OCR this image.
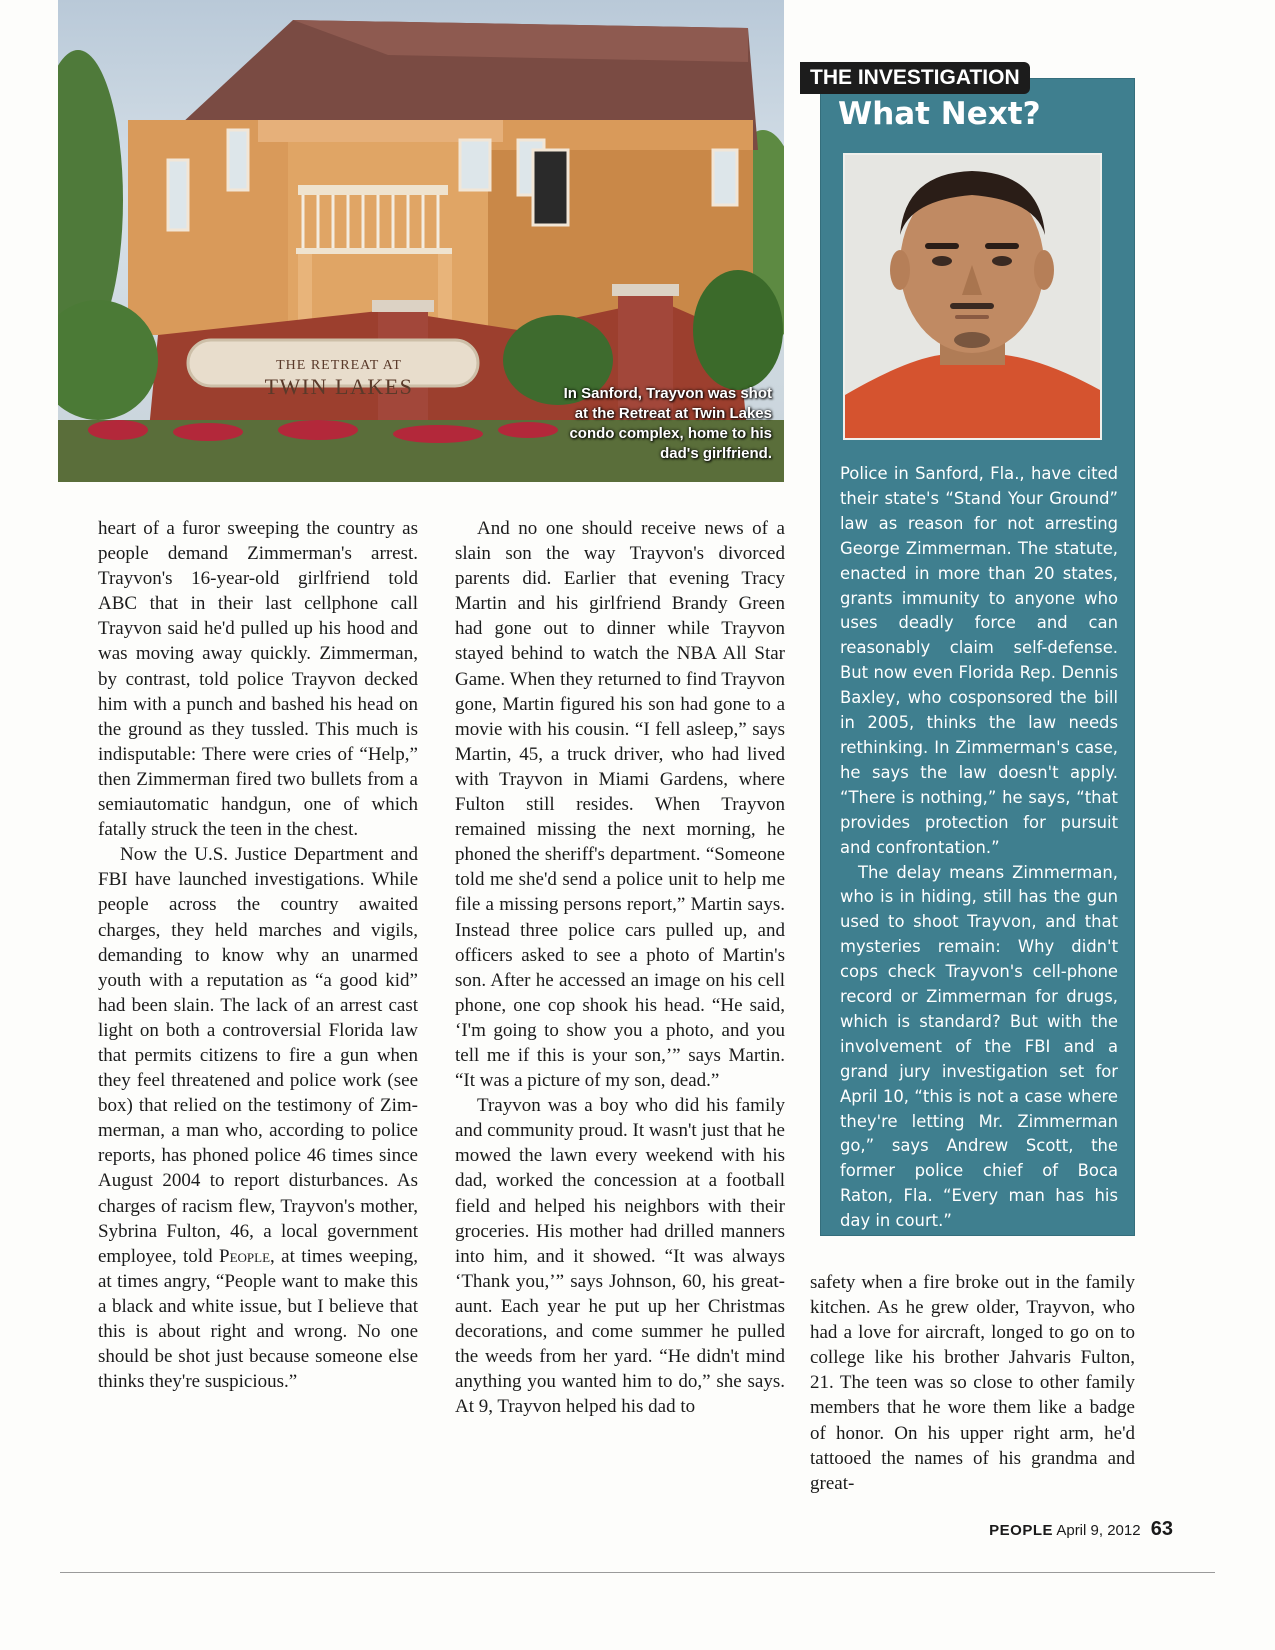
THE RETREAT AT
TWIN LAKES	In Sanford, Trayvon was shot at the Retreat at Twin Lakes condo complex, home to his dad's girlfriend.

heart of a furor sweeping the country as people demand Zimmerman's arrest. Trayvon's 16-year-old girlfriend told ABC that in their last cellphone call Trayvon said he'd pulled up his hood and was moving away quickly. Zimmerman, by contrast, told police Trayvon decked him with a punch and bashed his head on the ground as they tussled. This much is indisputable: There were cries of “Help,” then Zimmerman fired two bullets from a semiautomatic handgun, one of which fatally struck the teen in the chest.

Now the U.S. Justice Department and FBI have launched investigations. While people across the country awaited charges, they held marches and vigils, demanding to know why an unarmed youth with a reputation as “a good kid” had been slain. The lack of an arrest cast light on both a controversial Florida law that permits citizens to fire a gun when they feel threatened and police work (see box) that relied on the testimony of Zimmerman, a man who, according to police reports, has phoned police 46 times since August 2004 to report disturbances. As charges of racism flew, Trayvon's mother, Sybrina Fulton, 46, a local government employee, told People, at times weeping, at times angry, “People want to make this a black and white issue, but I believe that this is about right and wrong. No one should be shot just because someone else thinks they're suspicious.”

And no one should receive news of a slain son the way Trayvon's divorced parents did. Earlier that evening Tracy Martin and his girlfriend Brandy Green had gone out to dinner while Trayvon stayed behind to watch the NBA All Star Game. When they returned to find Trayvon gone, Martin figured his son had gone to a movie with his cousin. “I fell asleep,” says Martin, 45, a truck driver, who had lived with Trayvon in Miami Gardens, where Fulton still resides. When Trayvon remained missing the next morning, he phoned the sheriff's department. “Someone told me she'd send a police unit to help me file a missing persons report,” Martin says. Instead three police cars pulled up, and officers asked to see a photo of Martin's son. After he accessed an image on his cell phone, one cop shook his head. “He said, ‘I'm going to show you a photo, and you tell me if this is your son,’” says Martin. “It was a picture of my son, dead.”

Trayvon was a boy who did his family and community proud. It wasn't just that he mowed the lawn every weekend with his dad, worked the concession at a football field and helped his neighbors with their groceries. His mother had drilled manners into him, and it showed. “It was always ‘Thank you,’” says Johnson, 60, his great-aunt. Each year he put up her Christmas decorations, and come summer he pulled the weeds from her yard. “He didn't mind anything you wanted him to do,” she says. At 9, Trayvon helped his dad to

safety when a fire broke out in the family kitchen. As he grew older, Trayvon, who had a love for aircraft, longed to go on to college like his brother Jahvaris Fulton, 21. The teen was so close to other family members that he wore them like a badge of honor. On his upper right arm, he'd tattooed the names of his grandma and great-

THE INVESTIGATION
What Next?

Police in Sanford, Fla., have cited their state's “Stand Your Ground” law as reason for not arresting George Zimmerman. The statute, enacted in more than 20 states, grants immunity to anyone who uses deadly force and can reasonably claim self-defense. But now even Florida Rep. Dennis Baxley, who cosponsored the bill in 2005, thinks the law needs rethinking. In Zimmerman's case, he says the law doesn't apply. “There is nothing,” he says, “that provides protection for pursuit and confrontation.”

The delay means Zimmerman, who is in hiding, still has the gun used to shoot Trayvon, and that mysteries remain: Why didn't cops check Trayvon's cell-phone record or Zimmerman for drugs, which is standard? But with the involvement of the FBI and a grand jury investigation set for April 10, “this is not a case where they're letting Mr. Zimmerman go,” says Andrew Scott, the former police chief of Boca Raton, Fla. “Every man has his day in court.”

PEOPLE April 9, 2012 63
